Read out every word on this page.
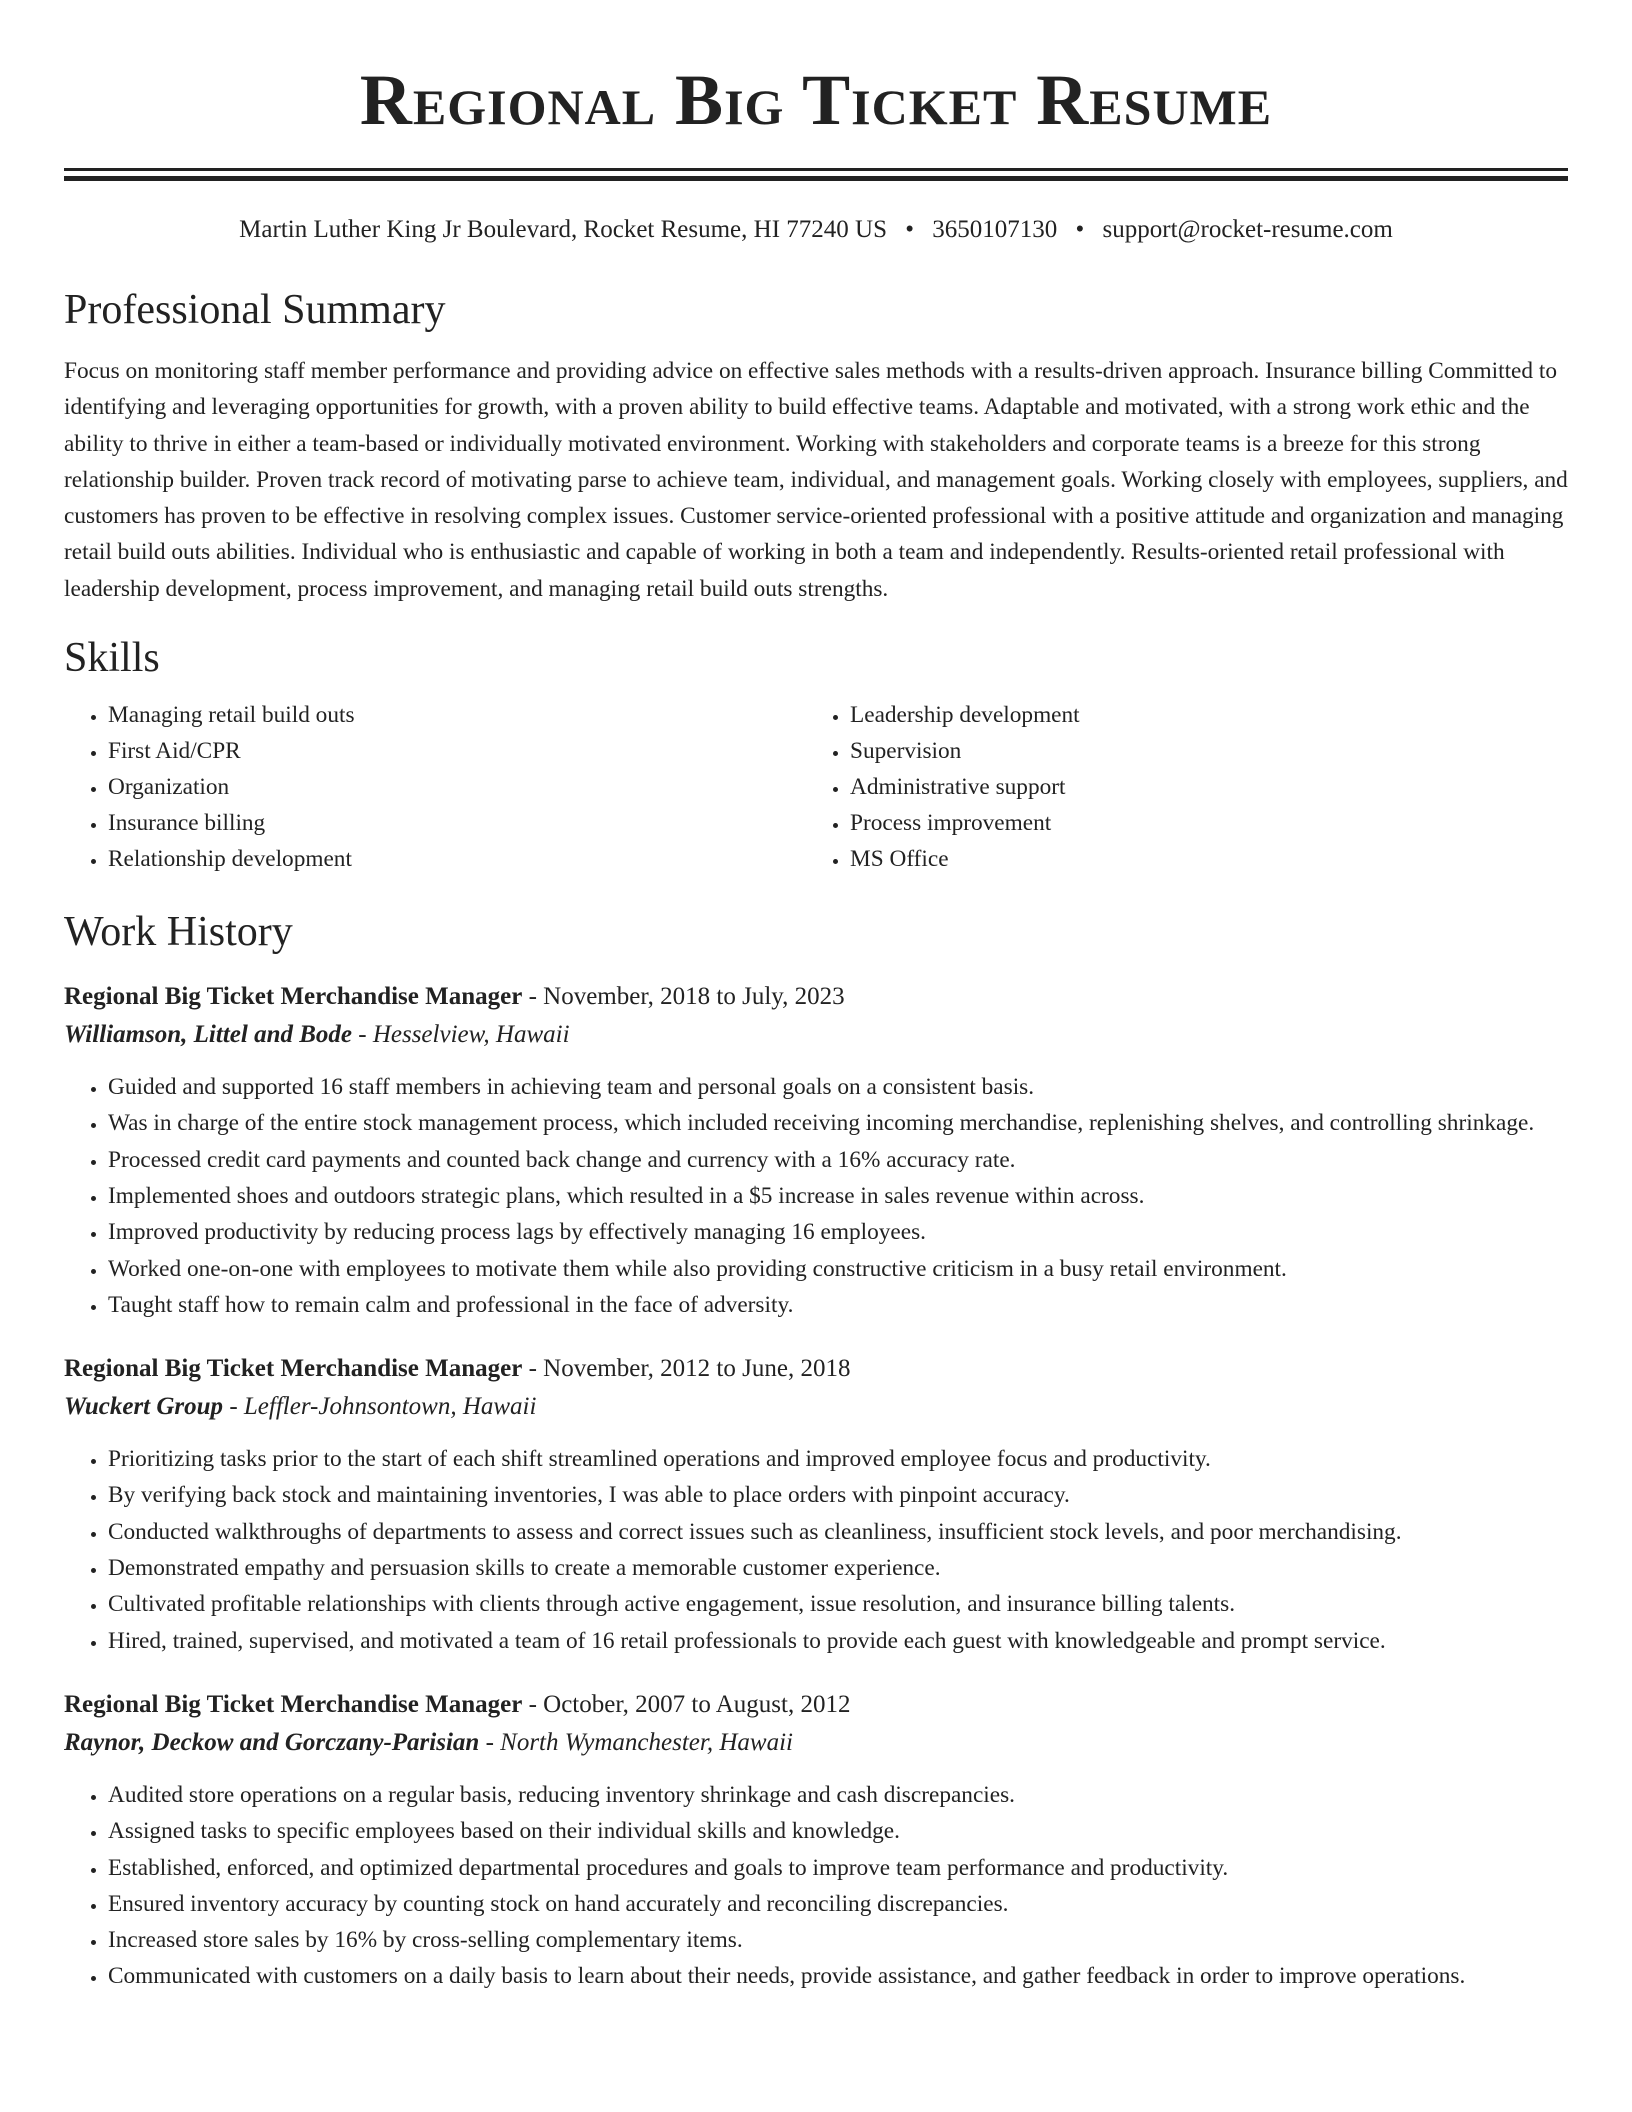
Regional Big Ticket Resume
Martin Luther King Jr Boulevard, Rocket Resume, HI 77240 US • 3650107130 • support@rocket-resume.com
Professional Summary

Focus on monitoring staff member performance and providing advice on effective sales methods with a results-driven approach. Insurance billing Committed to identifying and leveraging opportunities for growth, with a proven ability to build effective teams. Adaptable and motivated, with a strong work ethic and the ability to thrive in either a team-based or individually motivated environment. Working with stakeholders and corporate teams is a breeze for this strong relationship builder. Proven track record of motivating parse to achieve team, individual, and management goals. Working closely with employees, suppliers, and customers has proven to be effective in resolving complex issues. Customer service-oriented professional with a positive attitude and organization and managing retail build outs abilities. Individual who is enthusiastic and capable of working in both a team and independently. Results-oriented retail professional with leadership development, process improvement, and managing retail build outs strengths.

Skills
• Managing retail build outs
• First Aid/CPR
• Organization
• Insurance billing
• Relationship development
• Leadership development
• Supervision
• Administrative support
• Process improvement
• MS Office
Work History
Regional Big Ticket Merchandise Manager - November, 2018 to July, 2023
Williamson, Littel and Bode - Hesselview, Hawaii
• Guided and supported 16 staff members in achieving team and personal goals on a consistent basis.
• Was in charge of the entire stock management process, which included receiving incoming merchandise, replenishing shelves, and controlling shrinkage.
• Processed credit card payments and counted back change and currency with a 16% accuracy rate.
• Implemented shoes and outdoors strategic plans, which resulted in a $5 increase in sales revenue within across.
• Improved productivity by reducing process lags by effectively managing 16 employees.
• Worked one-on-one with employees to motivate them while also providing constructive criticism in a busy retail environment.
• Taught staff how to remain calm and professional in the face of adversity.
Regional Big Ticket Merchandise Manager - November, 2012 to June, 2018
Wuckert Group - Leffler-Johnsontown, Hawaii
• Prioritizing tasks prior to the start of each shift streamlined operations and improved employee focus and productivity.
• By verifying back stock and maintaining inventories, I was able to place orders with pinpoint accuracy.
• Conducted walkthroughs of departments to assess and correct issues such as cleanliness, insufficient stock levels, and poor merchandising.
• Demonstrated empathy and persuasion skills to create a memorable customer experience.
• Cultivated profitable relationships with clients through active engagement, issue resolution, and insurance billing talents.
• Hired, trained, supervised, and motivated a team of 16 retail professionals to provide each guest with knowledgeable and prompt service.
Regional Big Ticket Merchandise Manager - October, 2007 to August, 2012
Raynor, Deckow and Gorczany-Parisian - North Wymanchester, Hawaii
• Audited store operations on a regular basis, reducing inventory shrinkage and cash discrepancies.
• Assigned tasks to specific employees based on their individual skills and knowledge.
• Established, enforced, and optimized departmental procedures and goals to improve team performance and productivity.
• Ensured inventory accuracy by counting stock on hand accurately and reconciling discrepancies.
• Increased store sales by 16% by cross-selling complementary items.
• Communicated with customers on a daily basis to learn about their needs, provide assistance, and gather feedback in order to improve operations.
